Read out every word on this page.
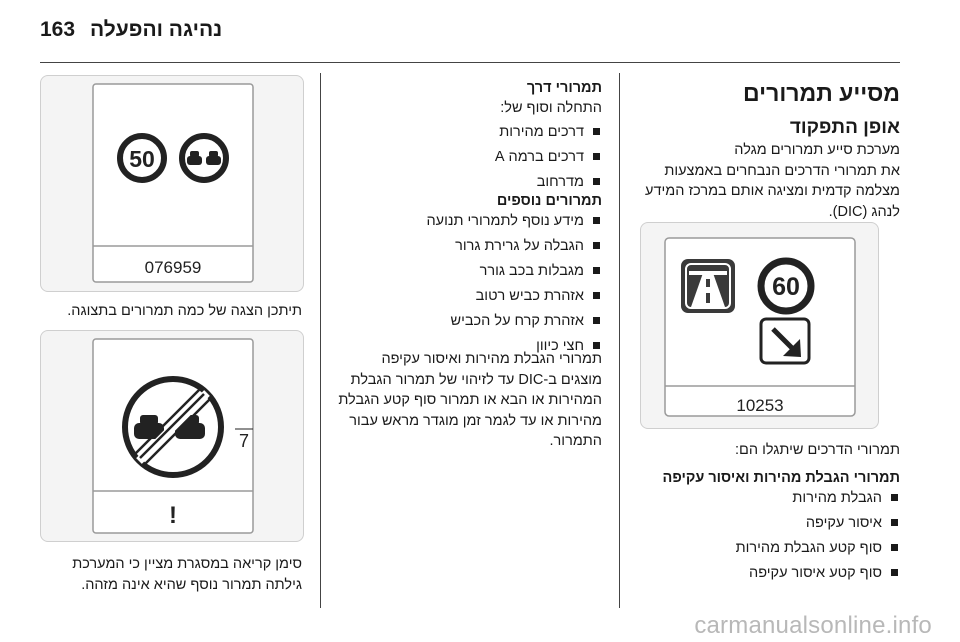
163 נהיגה והפעלה
מסייע תמרורים
אופן התפקוד
מערכת סייע תמרורים מגלה
את תמרורי הדרכים הנבחרים באמצעות
מצלמה קדמית ומציגה אותם במרכז המידע
לנהג (DIC).
60
10253
תמרורי הדרכים שיתגלו הם:
תמרורי הגבלת מהירות ואיסור עקיפה
הגבלת מהירות
איסור עקיפה
סוף קטע הגבלת מהירות
סוף קטע איסור עקיפה
תמרורי דרך
התחלה וסוף של:
דרכים מהירות
דרכים ברמה A
מדרחוב
תמרורים נוספים
מידע נוסף לתמרורי תנועה
הגבלה על גרירת גרור
מגבלות בכב גורר
אזהרת כביש רטוב
אזהרת קרח על הכביש
חצי כיוון
תמרורי הגבלת מהירות ואיסור עקיפה
מוצגים ב-DIC עד לזיהוי של תמרור הגבלת
המהירות או הבא או תמרור סוף קטע הגבלת
מהירות או עד לגמר זמן מוגדר מראש עבור
התמרור.
50
076959
תיתכן הצגה של כמה תמרורים בתצוגה.
7
!
סימן קריאה במסגרת מציין כי המערכת
גילתה תמרור נוסף שהיא אינה מזהה.
carmanualsonline.info
